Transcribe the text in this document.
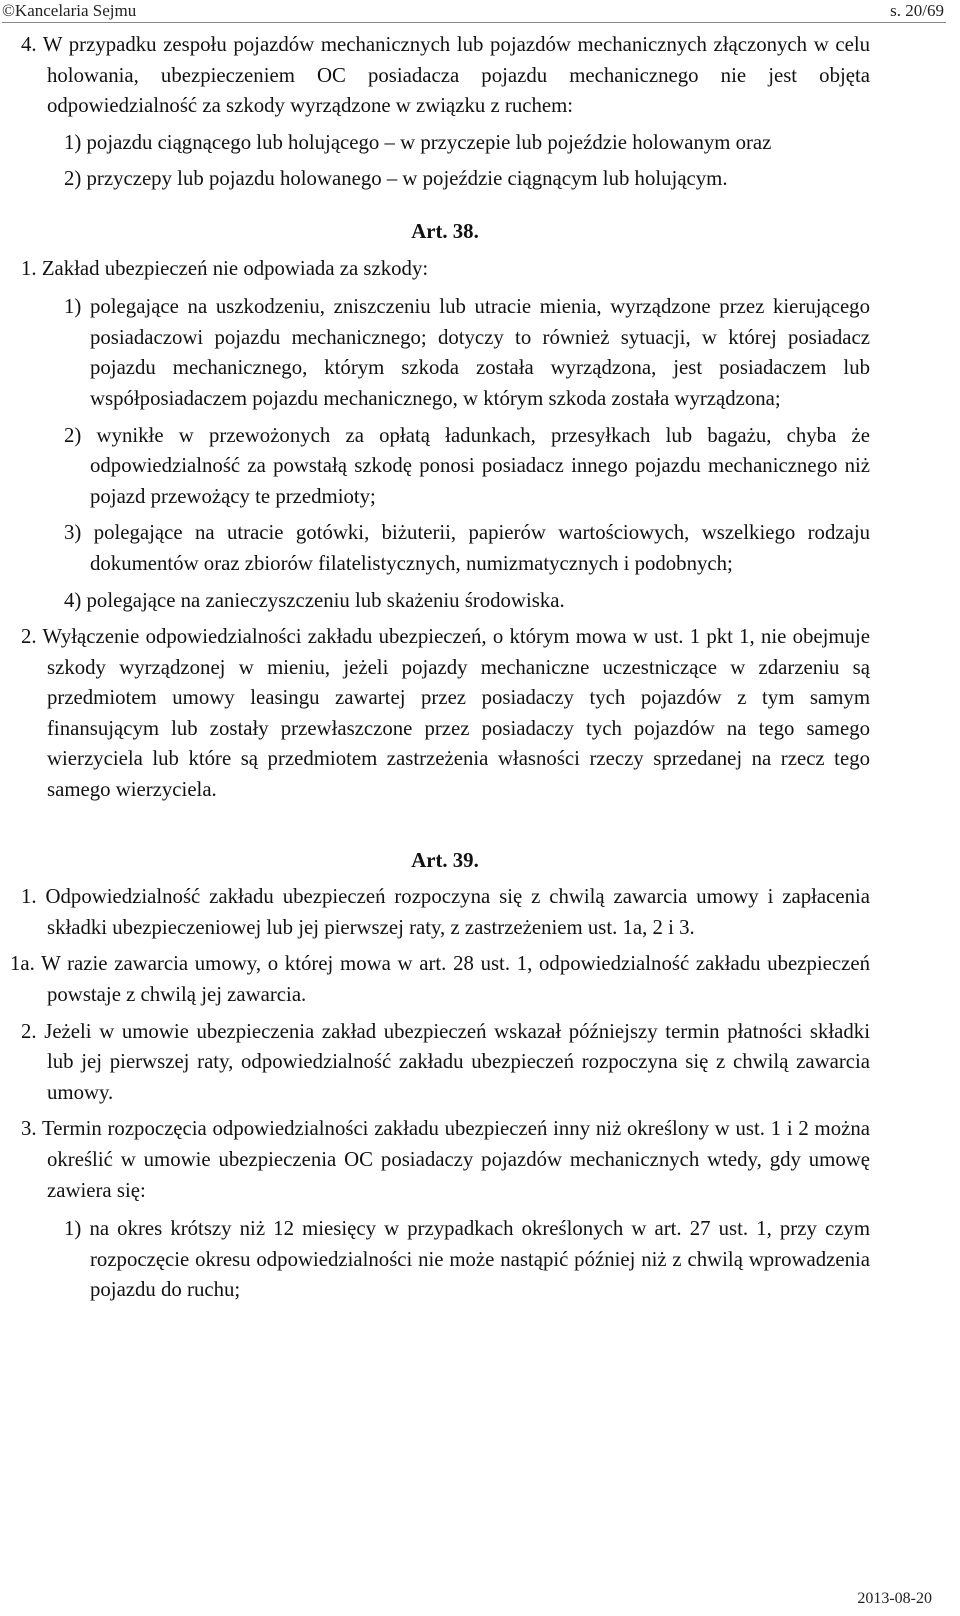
©Kancelaria Sejmu	s. 20/69

4. W przypadku zespołu pojazdów mechanicznych lub pojazdów mechanicznych złączonych w celu holowania, ubezpieczeniem OC posiadacza pojazdu mechanicznego nie jest objęta odpowiedzialność za szkody wyrządzone w związku z ruchem:

1) pojazdu ciągnącego lub holującego – w przyczepie lub pojeździe holowanym oraz

2) przyczepy lub pojazdu holowanego – w pojeździe ciągnącym lub holującym.

Art. 38.

1. Zakład ubezpieczeń nie odpowiada za szkody:

1) polegające na uszkodzeniu, zniszczeniu lub utracie mienia, wyrządzone przez kierującego posiadaczowi pojazdu mechanicznego; dotyczy to również sytuacji, w której posiadacz pojazdu mechanicznego, którym szkoda została wyrządzona, jest posiadaczem lub współposiadaczem pojazdu mechanicznego, w którym szkoda została wyrządzona;

2) wynikłe w przewożonych za opłatą ładunkach, przesyłkach lub bagażu, chyba że odpowiedzialność za powstałą szkodę ponosi posiadacz innego pojazdu mechanicznego niż pojazd przewożący te przedmioty;

3) polegające na utracie gotówki, biżuterii, papierów wartościowych, wszelkiego rodzaju dokumentów oraz zbiorów filatelistycznych, numizmatycznych i podobnych;

4) polegające na zanieczyszczeniu lub skażeniu środowiska.

2. Wyłączenie odpowiedzialności zakładu ubezpieczeń, o którym mowa w ust. 1 pkt 1, nie obejmuje szkody wyrządzonej w mieniu, jeżeli pojazdy mechaniczne uczestniczące w zdarzeniu są przedmiotem umowy leasingu zawartej przez posiadaczy tych pojazdów z tym samym finansującym lub zostały przewłaszczone przez posiadaczy tych pojazdów na tego samego wierzyciela lub które są przedmiotem zastrzeżenia własności rzeczy sprzedanej na rzecz tego samego wierzyciela.

Art. 39.

1. Odpowiedzialność zakładu ubezpieczeń rozpoczyna się z chwilą zawarcia umowy i zapłacenia składki ubezpieczeniowej lub jej pierwszej raty, z zastrzeżeniem ust. 1a, 2 i 3.

1a. W razie zawarcia umowy, o której mowa w art. 28 ust. 1, odpowiedzialność zakładu ubezpieczeń powstaje z chwilą jej zawarcia.

2. Jeżeli w umowie ubezpieczenia zakład ubezpieczeń wskazał późniejszy termin płatności składki lub jej pierwszej raty, odpowiedzialność zakładu ubezpieczeń rozpoczyna się z chwilą zawarcia umowy.

3. Termin rozpoczęcia odpowiedzialności zakładu ubezpieczeń inny niż określony w ust. 1 i 2 można określić w umowie ubezpieczenia OC posiadaczy pojazdów mechanicznych wtedy, gdy umowę zawiera się:

1) na okres krótszy niż 12 miesięcy w przypadkach określonych w art. 27 ust. 1, przy czym rozpoczęcie okresu odpowiedzialności nie może nastąpić później niż z chwilą wprowadzenia pojazdu do ruchu;

2013-08-20
